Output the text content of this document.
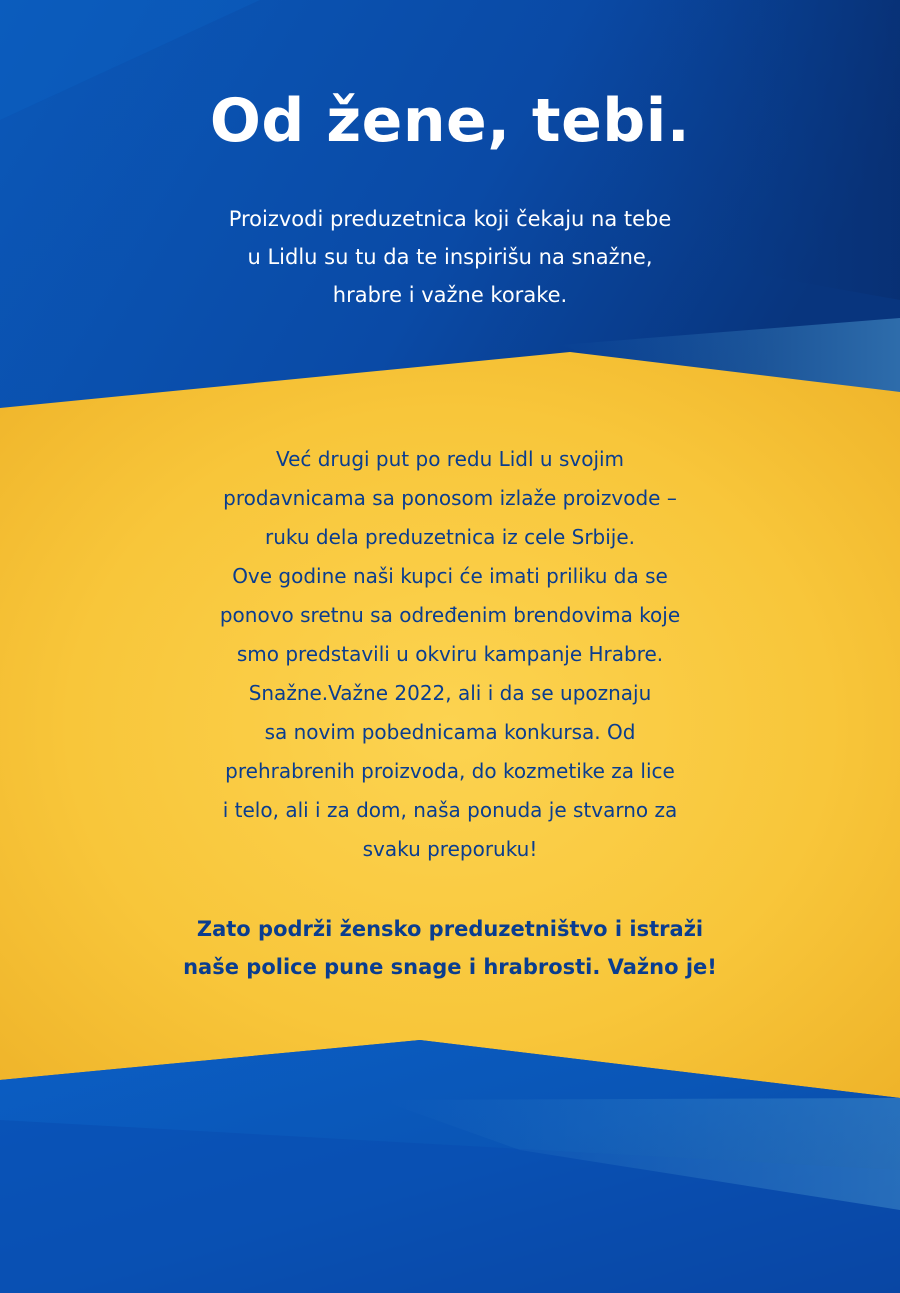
Od žene, tebi.
Proizvodi preduzetnica koji čekaju na tebe
u Lidlu su tu da te inspirišu na snažne,
hrabre i važne korake.
Već drugi put po redu Lidl u svojim
prodavnicama sa ponosom izlaže proizvode –
ruku dela preduzetnica iz cele Srbije.
Ove godine naši kupci će imati priliku da se
ponovo sretnu sa određenim brendovima koje
smo predstavili u okviru kampanje Hrabre.
Snažne.Važne 2022, ali i da se upoznaju
sa novim pobednicama konkursa. Od
prehrabrenih proizvoda, do kozmetike za lice
i telo, ali i za dom, naša ponuda je stvarno za
svaku preporuku!
Zato podrži žensko preduzetništvo i istraži
naše police pune snage i hrabrosti. Važno je!
